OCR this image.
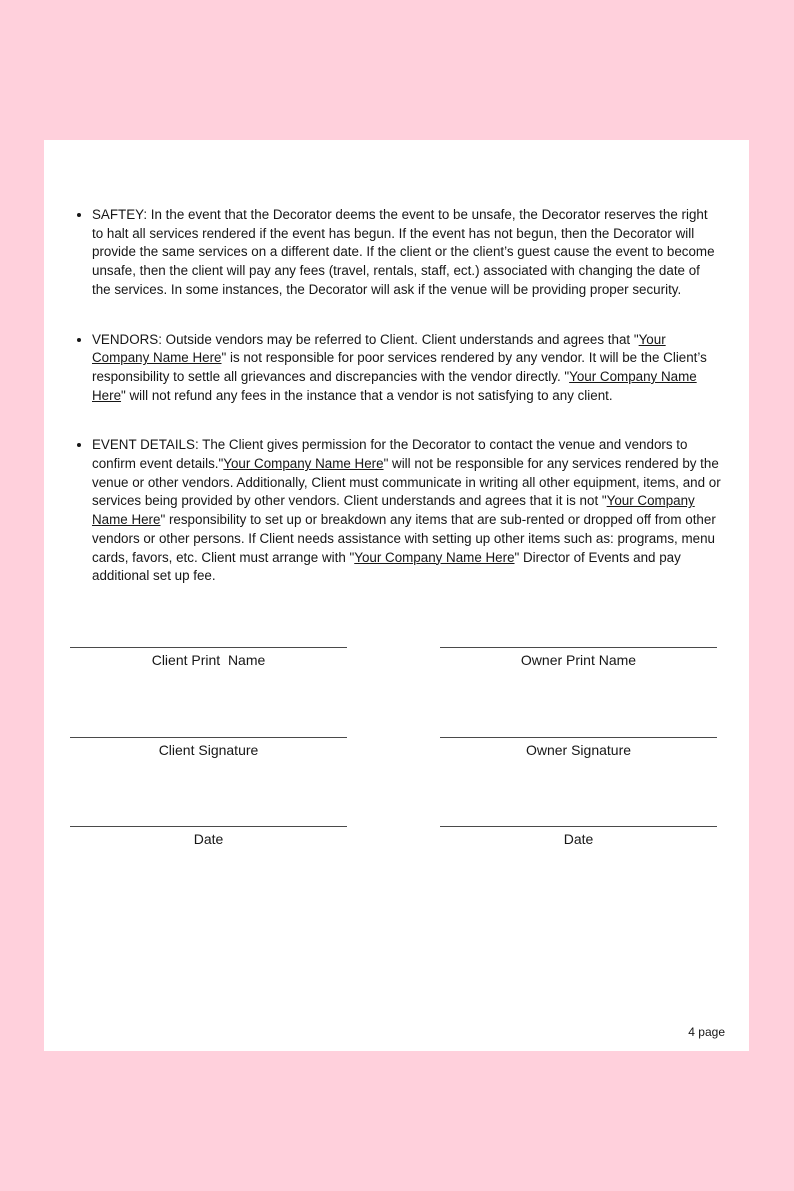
• SAFTEY: In the event that the Decorator deems the event to be unsafe, the Decorator reserves the right to halt all services rendered if the event has begun. If the event has not begun, then the Decorator will provide the same services on a different date. If the client or the client’s guest cause the event to become unsafe, then the client will pay any fees (travel, rentals, staff, ect.) associated with changing the date of the services. In some instances, the Decorator will ask if the venue will be providing proper security.
• VENDORS: Outside vendors may be referred to Client. Client understands and agrees that "Your Company Name Here" is not responsible for poor services rendered by any vendor. It will be the Client’s responsibility to settle all grievances and discrepancies with the vendor directly. "Your Company Name Here" will not refund any fees in the instance that a vendor is not satisfying to any client.
• EVENT DETAILS: The Client gives permission for the Decorator to contact the venue and vendors to confirm event details."Your Company Name Here" will not be responsible for any services rendered by the venue or other vendors. Additionally, Client must communicate in writing all other equipment, items, and or services being provided by other vendors. Client understands and agrees that it is not "Your Company Name Here" responsibility to set up or breakdown any items that are sub-rented or dropped off from other vendors or other persons. If Client needs assistance with setting up other items such as: programs, menu cards, favors, etc. Client must arrange with "Your Company Name Here" Director of Events and pay additional set up fee.
Client Print  Name	Owner Print Name
Client Signature	Owner Signature
Date	Date
4 page
